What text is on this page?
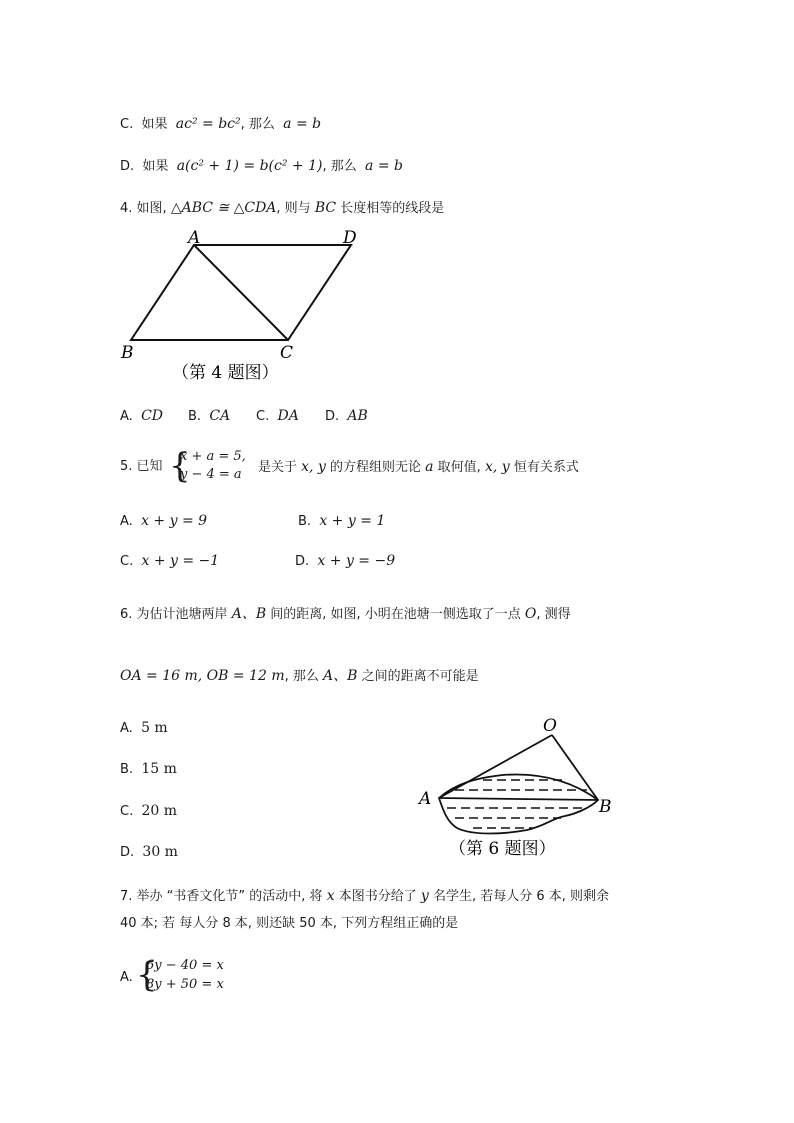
C. 如果 ac² = bc², 那么 a = b
D. 如果 a(c² + 1) = b(c² + 1), 那么 a = b
4. 如图, △ABC ≅ △CDA, 则与 BC 长度相等的线段是
A	D
B	C
（第 4 题图）
A. CD B. CA C. DA D. AB
5. 已知 {
x + a = 5,
y − 4 = a 是关于 x, y 的方程组则无论 a 取何值, x, y 恒有关系式
A. x + y = 9	B. x + y = 1
C. x + y = −1	D. x + y = −9
6. 为估计池塘两岸 A、B 间的距离, 如图, 小明在池塘一侧选取了一点 O, 测得
OA = 16 m, OB = 12 m, 那么 A、B 之间的距离不可能是
A. 5 m
B. 15 m
C. 20 m
D. 30 m
O
A	B
（第 6 题图）
7. 举办 “书香文化节” 的活动中, 将 x 本图书分给了 y 名学生, 若每人分 6 本, 则剩余
40 本; 若 每人分 8 本, 则还缺 50 本, 下列方程组正确的是
A. {
6y − 40 = x
8y + 50 = x
